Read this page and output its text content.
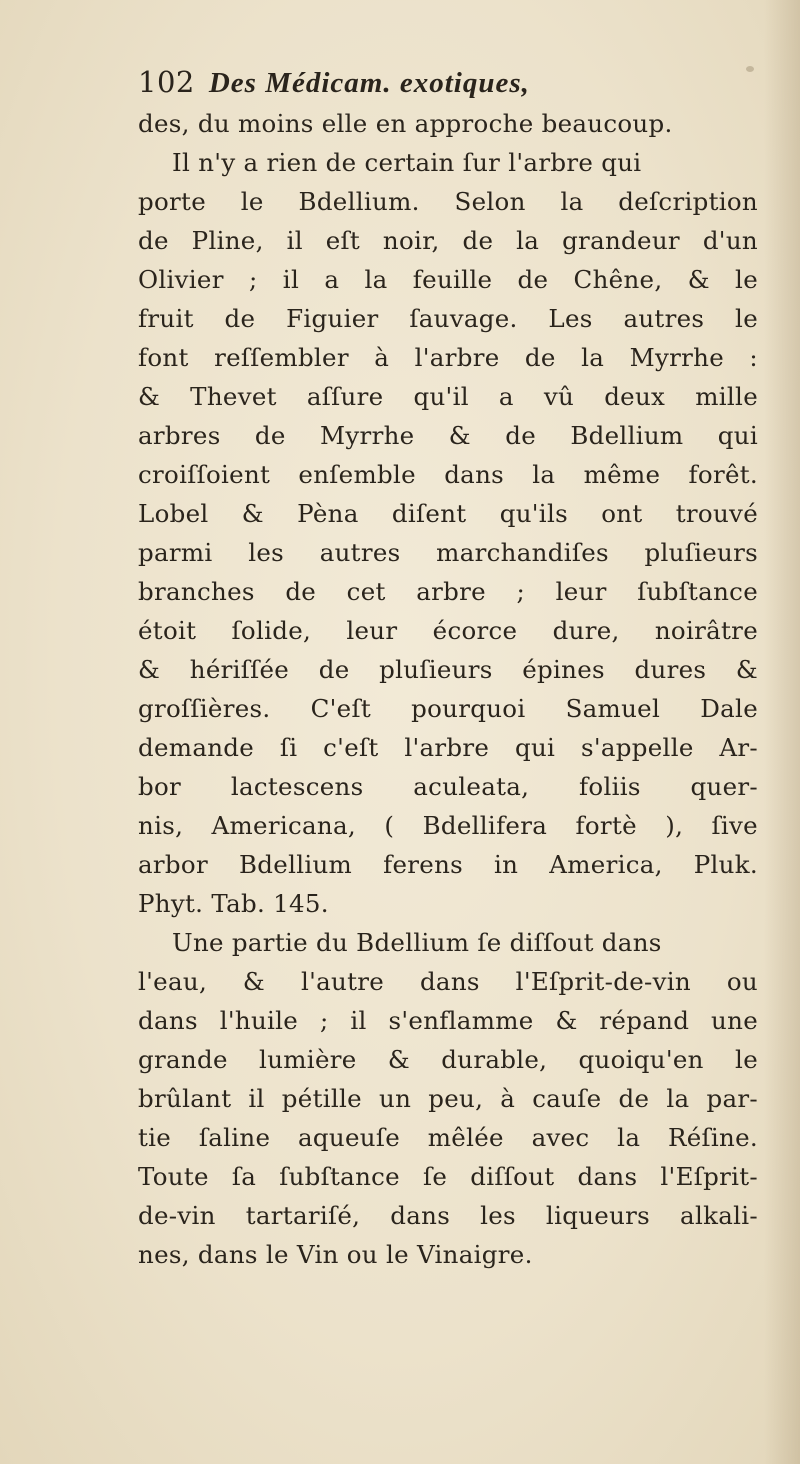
102 Des Médicam. exotiques,
des, du moins elle en approche beaucoup.
Il n'y a rien de certain ſur l'arbre qui
porte le Bdellium. Selon la deſcription
de Pline, il eſt noir, de la grandeur d'un
Olivier ; il a la feuille de Chêne, & le
fruit de Figuier ſauvage. Les autres le
font reſſembler à l'arbre de la Myrrhe :
& Thevet aſſure qu'il a vû deux mille
arbres de Myrrhe & de Bdellium qui
croiſſoient enſemble dans la même forêt.
Lobel & Pèna diſent qu'ils ont trouvé
parmi les autres marchandiſes pluſieurs
branches de cet arbre ; leur ſubſtance
étoit ſolide, leur écorce dure, noirâtre
& hériſſée de pluſieurs épines dures &
groſſières. C'eſt pourquoi Samuel Dale
demande ſi c'eſt l'arbre qui s'appelle Ar-
bor lactescens aculeata, foliis quer-
nis, Americana, ( Bdellifera fortè ), ſive
arbor Bdellium ferens in America, Pluk.
Phyt. Tab. 145.
Une partie du Bdellium ſe diſſout dans
l'eau, & l'autre dans l'Eſprit-de-vin ou
dans l'huile ; il s'enflamme & répand une
grande lumière & durable, quoiqu'en le
brûlant il pétille un peu, à cauſe de la par-
tie ſaline aqueuſe mêlée avec la Réſine.
Toute ſa ſubſtance ſe diſſout dans l'Eſprit-
de-vin tartariſé, dans les liqueurs alkali-
nes, dans le Vin ou le Vinaigre.
